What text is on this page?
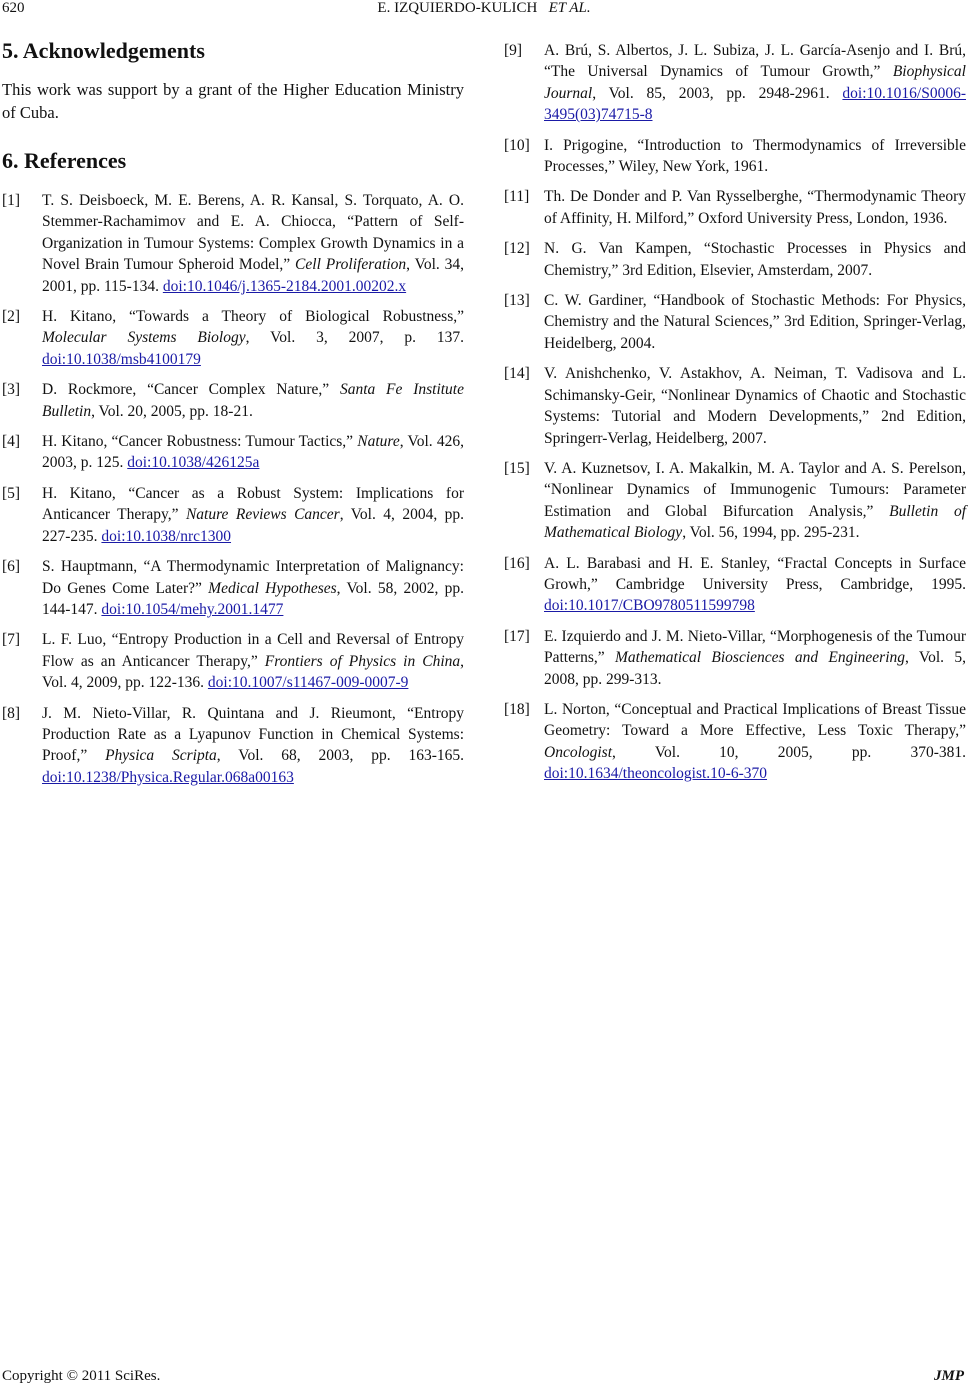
620	E. IZQUIERDO-KULICH ET AL.
5. Acknowledgements

This work was support by a grant of the Higher Education Ministry of Cuba.

6. References
[1]	T. S. Deisboeck, M. E. Berens, A. R. Kansal, S. Torquato, A. O. Stemmer-Rachamimov and E. A. Chiocca, “Pattern of Self-Organization in Tumour Systems: Complex Growth Dynamics in a Novel Brain Tumour Spheroid Model,” Cell Proliferation, Vol. 34, 2001, pp. 115-134. doi:10.1046/j.1365-2184.2001.00202.x
[2]	H. Kitano, “Towards a Theory of Biological Robustness,” Molecular Systems Biology, Vol. 3, 2007, p. 137. doi:10.1038/msb4100179
[3]	D. Rockmore, “Cancer Complex Nature,” Santa Fe Institute Bulletin, Vol. 20, 2005, pp. 18-21.
[4]	H. Kitano, “Cancer Robustness: Tumour Tactics,” Nature, Vol. 426, 2003, p. 125. doi:10.1038/426125a
[5]	H. Kitano, “Cancer as a Robust System: Implications for Anticancer Therapy,” Nature Reviews Cancer, Vol. 4, 2004, pp. 227-235. doi:10.1038/nrc1300
[6]	S. Hauptmann, “A Thermodynamic Interpretation of Malignancy: Do Genes Come Later?” Medical Hypotheses, Vol. 58, 2002, pp. 144-147. doi:10.1054/mehy.2001.1477
[7]	L. F. Luo, “Entropy Production in a Cell and Reversal of Entropy Flow as an Anticancer Therapy,” Frontiers of Physics in China, Vol. 4, 2009, pp. 122-136. doi:10.1007/s11467-009-0007-9
[8]	J. M. Nieto-Villar, R. Quintana and J. Rieumont, “Entropy Production Rate as a Lyapunov Function in Chemical Systems: Proof,” Physica Scripta, Vol. 68, 2003, pp. 163-165. doi:10.1238/Physica.Regular.068a00163
[9]	A. Brú, S. Albertos, J. L. Subiza, J. L. García-Asenjo and I. Brú, “The Universal Dynamics of Tumour Growth,” Biophysical Journal, Vol. 85, 2003, pp. 2948-2961. doi:10.1016/S0006-3495(03)74715-8
[10] I. Prigogine, “Introduction to Thermodynamics of Irreversible Processes,” Wiley, New York, 1961.
[11] Th. De Donder and P. Van Rysselberghe, “Thermodynamic Theory of Affinity, H. Milford,” Oxford University Press, London, 1936.
[12] N. G. Van Kampen, “Stochastic Processes in Physics and Chemistry,” 3rd Edition, Elsevier, Amsterdam, 2007.
[13] C. W. Gardiner, “Handbook of Stochastic Methods: For Physics, Chemistry and the Natural Sciences,” 3rd Edition, Springer-Verlag, Heidelberg, 2004.
[14] V. Anishchenko, V. Astakhov, A. Neiman, T. Vadisova and L. Schimansky-Geir, “Nonlinear Dynamics of Chaotic and Stochastic Systems: Tutorial and Modern Developments,” 2nd Edition, Springerr-Verlag, Heidelberg, 2007.
[15] V. A. Kuznetsov, I. A. Makalkin, M. A. Taylor and A. S. Perelson, “Nonlinear Dynamics of Immunogenic Tumours: Parameter Estimation and Global Bifurcation Analysis,” Bulletin of Mathematical Biology, Vol. 56, 1994, pp. 295-231.
[16] A. L. Barabasi and H. E. Stanley, “Fractal Concepts in Surface Growh,” Cambridge University Press, Cambridge, 1995. doi:10.1017/CBO9780511599798
[17] E. Izquierdo and J. M. Nieto-Villar, “Morphogenesis of the Tumour Patterns,” Mathematical Biosciences and Engineering, Vol. 5, 2008, pp. 299-313.
[18] L. Norton, “Conceptual and Practical Implications of Breast Tissue Geometry: Toward a More Effective, Less Toxic Therapy,” Oncologist, Vol. 10, 2005, pp. 370-381. doi:10.1634/theoncologist.10-6-370
Copyright © 2011 SciRes.	JMP
